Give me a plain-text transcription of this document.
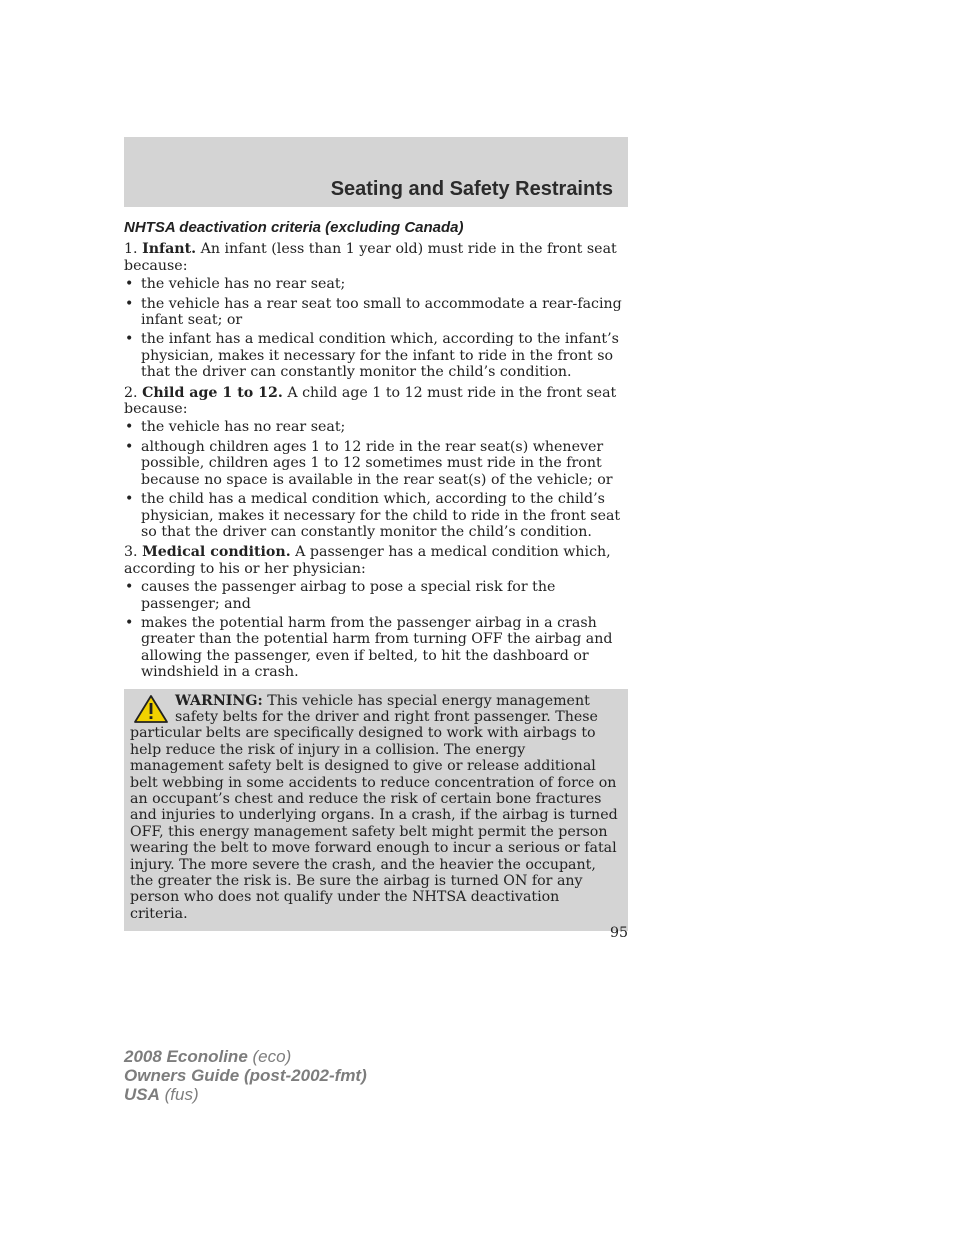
Seating and Safety Restraints
NHTSA deactivation criteria (excluding Canada)
1. Infant. An infant (less than 1 year old) must ride in the front seat because:
• the vehicle has no rear seat;
• the vehicle has a rear seat too small to accommodate a rear-facing infant seat; or
• the infant has a medical condition which, according to the infant’s physician, makes it necessary for the infant to ride in the front so that the driver can constantly monitor the child’s condition.
2. Child age 1 to 12. A child age 1 to 12 must ride in the front seat because:
• the vehicle has no rear seat;
• although children ages 1 to 12 ride in the rear seat(s) whenever possible, children ages 1 to 12 sometimes must ride in the front because no space is available in the rear seat(s) of the vehicle; or
• the child has a medical condition which, according to the child’s physician, makes it necessary for the child to ride in the front seat so that the driver can constantly monitor the child’s condition.
3. Medical condition. A passenger has a medical condition which, according to his or her physician:
• causes the passenger airbag to pose a special risk for the passenger; and
• makes the potential harm from the passenger airbag in a crash greater than the potential harm from turning OFF the airbag and allowing the passenger, even if belted, to hit the dashboard or windshield in a crash.
WARNING: This vehicle has special energy management safety belts for the driver and right front passenger. These particular belts are specifically designed to work with airbags to help reduce the risk of injury in a collision. The energy management safety belt is designed to give or release additional belt webbing in some accidents to reduce concentration of force on an occupant’s chest and reduce the risk of certain bone fractures and injuries to underlying organs. In a crash, if the airbag is turned OFF, this energy management safety belt might permit the person wearing the belt to move forward enough to incur a serious or fatal injury. The more severe the crash, and the heavier the occupant, the greater the risk is. Be sure the airbag is turned ON for any person who does not qualify under the NHTSA deactivation criteria.
95
2008 Econoline (eco)
Owners Guide (post-2002-fmt)
USA (fus)
